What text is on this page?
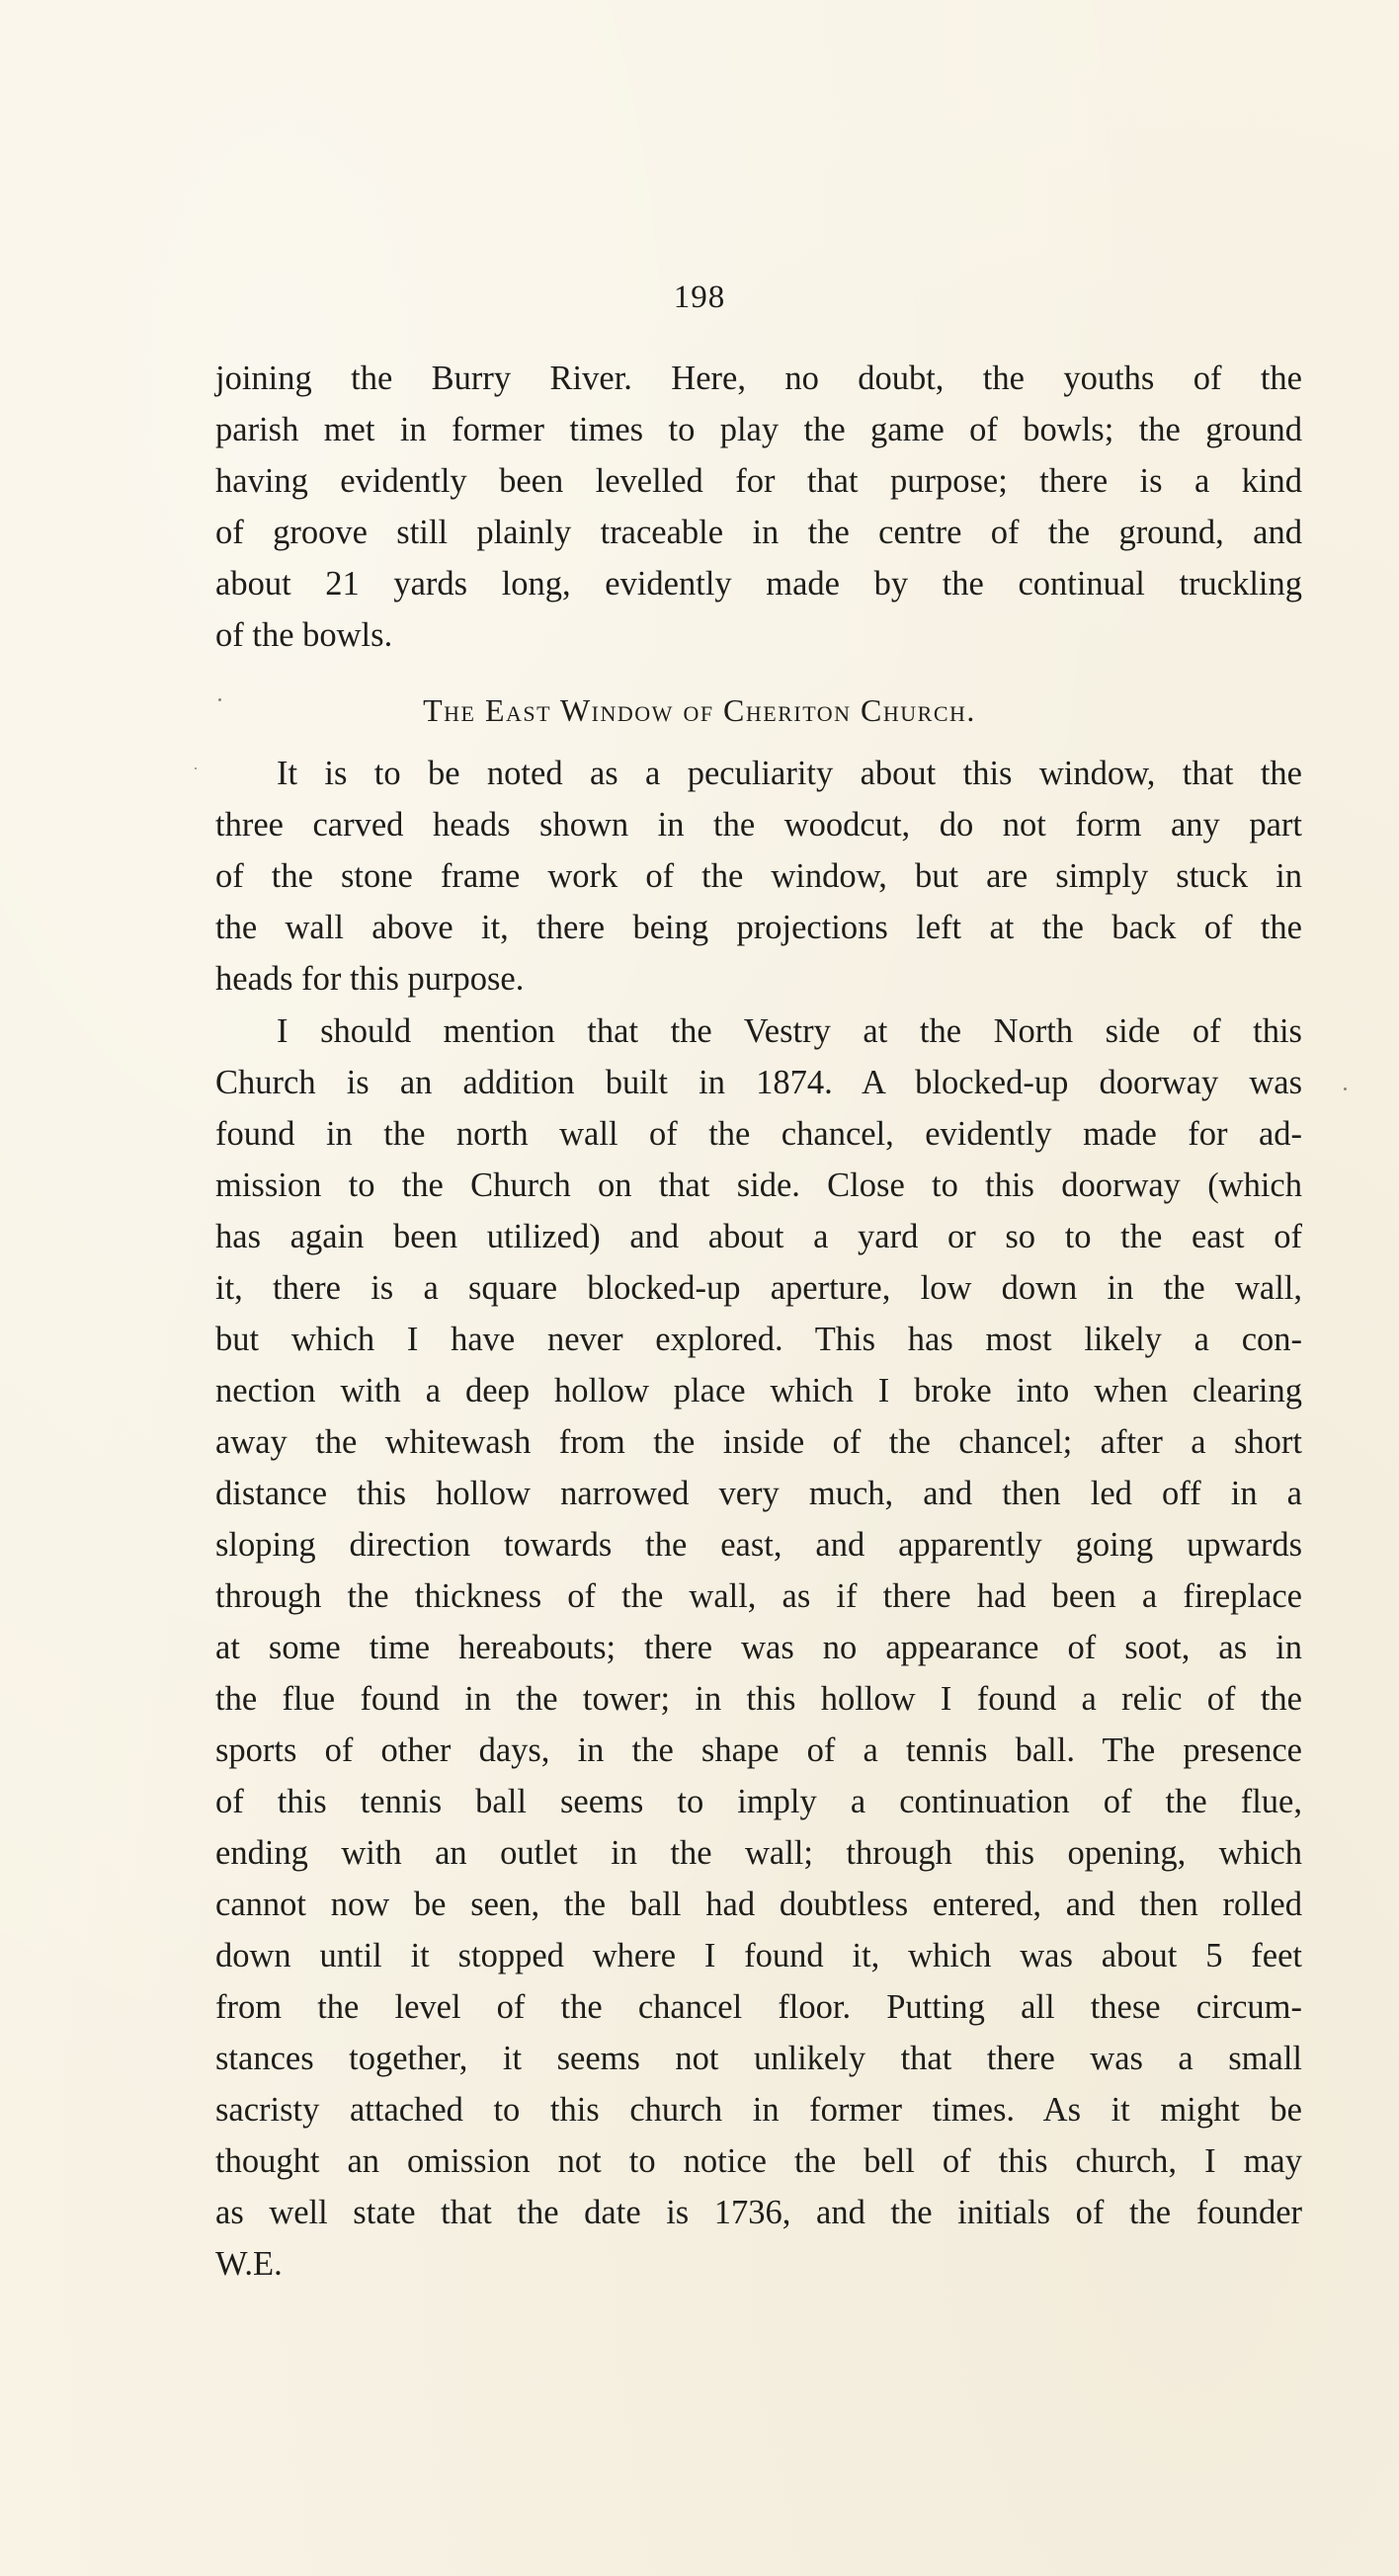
198
joining the Burry River. Here, no doubt, the youths of the
parish met in former times to play the game of bowls; the ground
having evidently been levelled for that purpose; there is a kind
of groove still plainly traceable in the centre of the ground, and
about 21 yards long, evidently made by the continual truckling
of the bowls.
The East Window of Cheriton Church.
It is to be noted as a peculiarity about this window, that the
three carved heads shown in the woodcut, do not form any part
of the stone frame work of the window, but are simply stuck in
the wall above it, there being projections left at the back of the
heads for this purpose.
I should mention that the Vestry at the North side of this
Church is an addition built in 1874. A blocked-up doorway was
found in the north wall of the chancel, evidently made for ad-
mission to the Church on that side. Close to this doorway (which
has again been utilized) and about a yard or so to the east of
it, there is a square blocked-up aperture, low down in the wall,
but which I have never explored. This has most likely a con-
nection with a deep hollow place which I broke into when clearing
away the whitewash from the inside of the chancel; after a short
distance this hollow narrowed very much, and then led off in a
sloping direction towards the east, and apparently going upwards
through the thickness of the wall, as if there had been a fireplace
at some time hereabouts; there was no appearance of soot, as in
the flue found in the tower; in this hollow I found a relic of the
sports of other days, in the shape of a tennis ball. The presence
of this tennis ball seems to imply a continuation of the flue,
ending with an outlet in the wall; through this opening, which
cannot now be seen, the ball had doubtless entered, and then rolled
down until it stopped where I found it, which was about 5 feet
from the level of the chancel floor. Putting all these circum-
stances together, it seems not unlikely that there was a small
sacristy attached to this church in former times. As it might be
thought an omission not to notice the bell of this church, I may
as well state that the date is 1736, and the initials of the founder
W.E.
